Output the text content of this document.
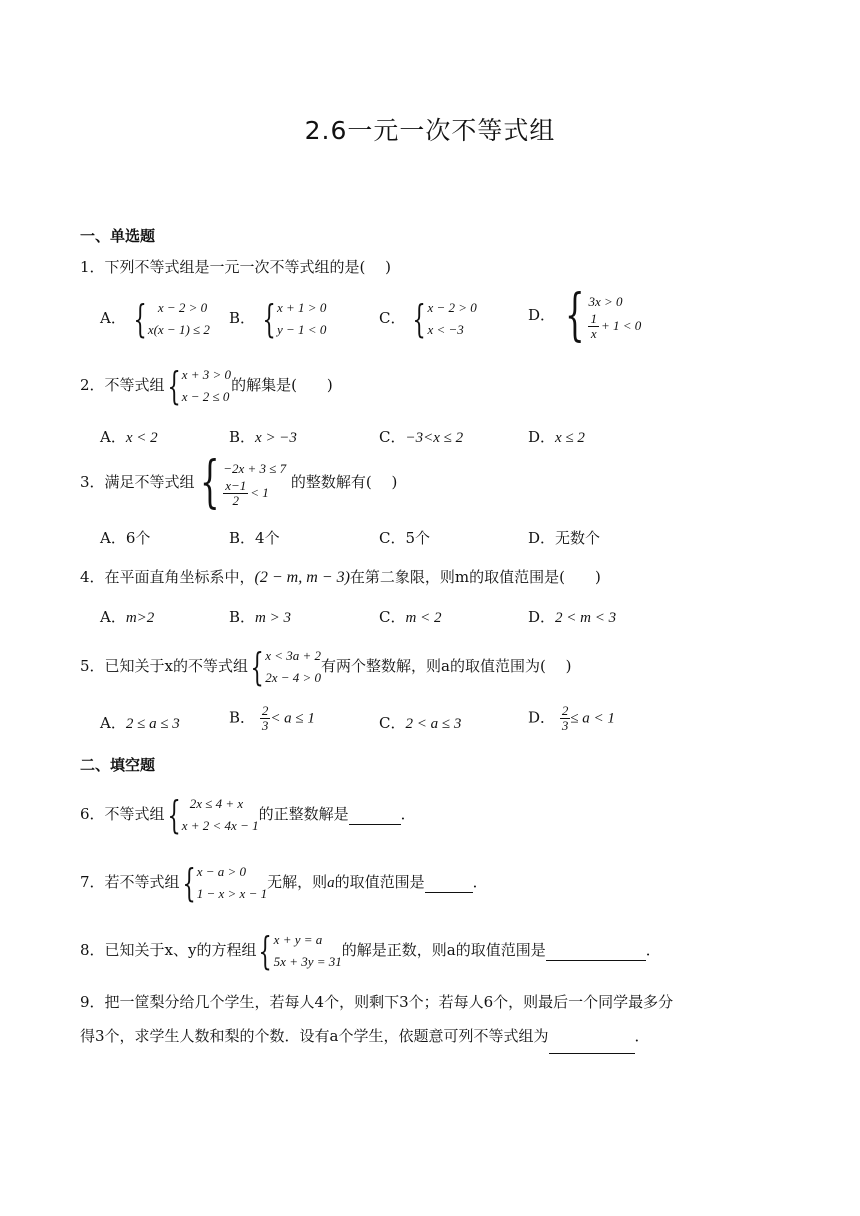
2.6一元一次不等式组
一、单选题
1．下列不等式组是一元一次不等式组的是(　 )
A． { x − 2 > 0
x(x − 1) ≤ 2
B． { x + 1 > 0
y − 1 < 0
C． { x − 2 > 0
x < −3
D． { 3x > 0
$\frac{1}{x} + 1 < 0$
2．不等式组 { x + 3 > 0
x − 2 ≤ 0
的解集是(　　)
A．x < 2	B．x > −3	C．−3<x ≤ 2	D．x ≤ 2
3．满足不等式组 { −2x + 3 ≤ 7
$\frac{x-1}{2} < 1$
的整数解有(　 )
A．6个	B．4个	C．5个	D．无数个
4．在平面直角坐标系中，(2 − m, m − 3)在第二象限，则m的取值范围是(　　)
A．m>2	B．m > 3	C．m < 2	D．2 < m < 3
5．已知关于x的不等式组 { x < 3a + 2
2x − 4 > 0
有两个整数解，则a的取值范围为(　 )
A．2 ≤ a ≤ 3	B． $\frac{2}{3} < a \le 1$	C．2 < a ≤ 3	D． $\frac{2}{3} \le a < 1$
二、填空题
6．不等式组 { 2x ≤ 4 + x
x + 2 < 4x − 1
的正整数解是	．
7．若不等式组 { x − a > 0
1 − x > x − 1
无解，则a的取值范围是	．
8．已知关于x、y的方程组 { x + y = a
5x + 3y = 31
的解是正数，则a的取值范围是	．
9．把一筐梨分给几个学生，若每人4个，则剩下3个；若每人6个，则最后一个同学最多分
得3个，求学生人数和梨的个数．设有a个学生，依题意可列不等式组为	．
